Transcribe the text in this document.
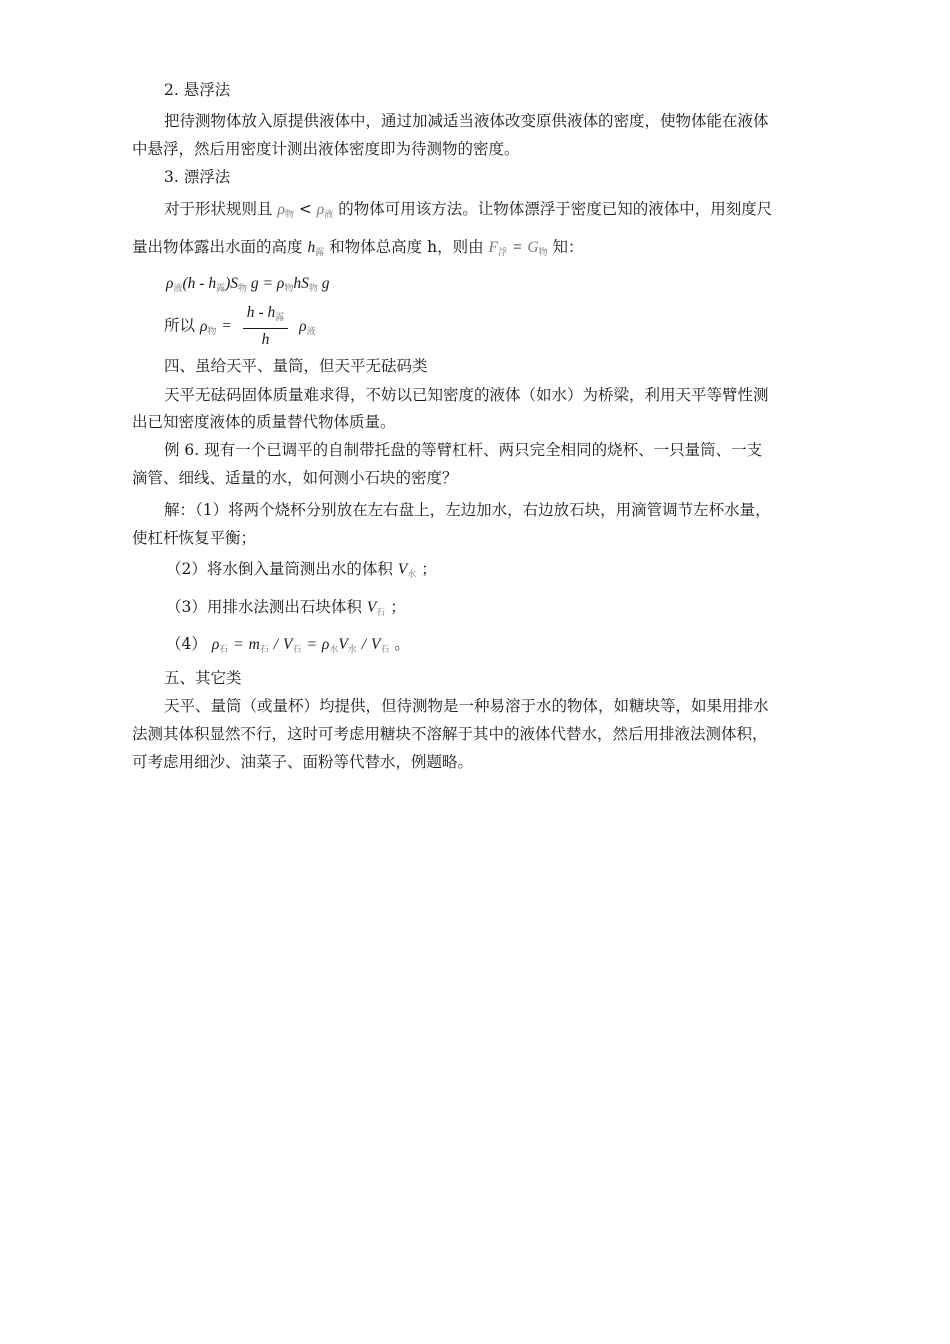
2. 悬浮法
把待测物体放入原提供液体中，通过加减适当液体改变原供液体的密度，使物体能在液体
中悬浮，然后用密度计测出液体密度即为待测物的密度。
3. 漂浮法
对于形状规则且 $\rho_物 < \rho_液$ 的物体可用该方法。让物体漂浮于密度已知的液体中，用刻度尺
量出物体露出水面的高度 $h_露$ 和物体总高度 h，则由 $F_浮 = G_物$ 知：
$\rho_液(h - h_露)S_物$ $g = \rho_物hS_物$ g
所以 $\rho_物 = \frac{h - h_露}{h} \rho_液$
四、虽给天平、量筒，但天平无砝码类
天平无砝码固体质量难求得，不妨以已知密度的液体（如水）为桥梁，利用天平等臂性测
出已知密度液体的质量替代物体质量。
例 6. 现有一个已调平的自制带托盘的等臂杠杆、两只完全相同的烧杯、一只量筒、一支
滴管、细线、适量的水，如何测小石块的密度？
解：（1）将两个烧杯分别放在左右盘上，左边加水，右边放石块，用滴管调节左杯水量，
使杠杆恢复平衡；
（2）将水倒入量筒测出水的体积 $V_水$ ；
（3）用排水法测出石块体积 $V_石$ ；
（4） $\rho_石 = m_石 / V_石 = \rho_水V_水 / V_石$ 。
五、其它类
天平、量筒（或量杯）均提供，但待测物是一种易溶于水的物体，如糖块等，如果用排水
法测其体积显然不行，这时可考虑用糖块不溶解于其中的液体代替水，然后用排液法测体积，
可考虑用细沙、油菜子、面粉等代替水，例题略。
